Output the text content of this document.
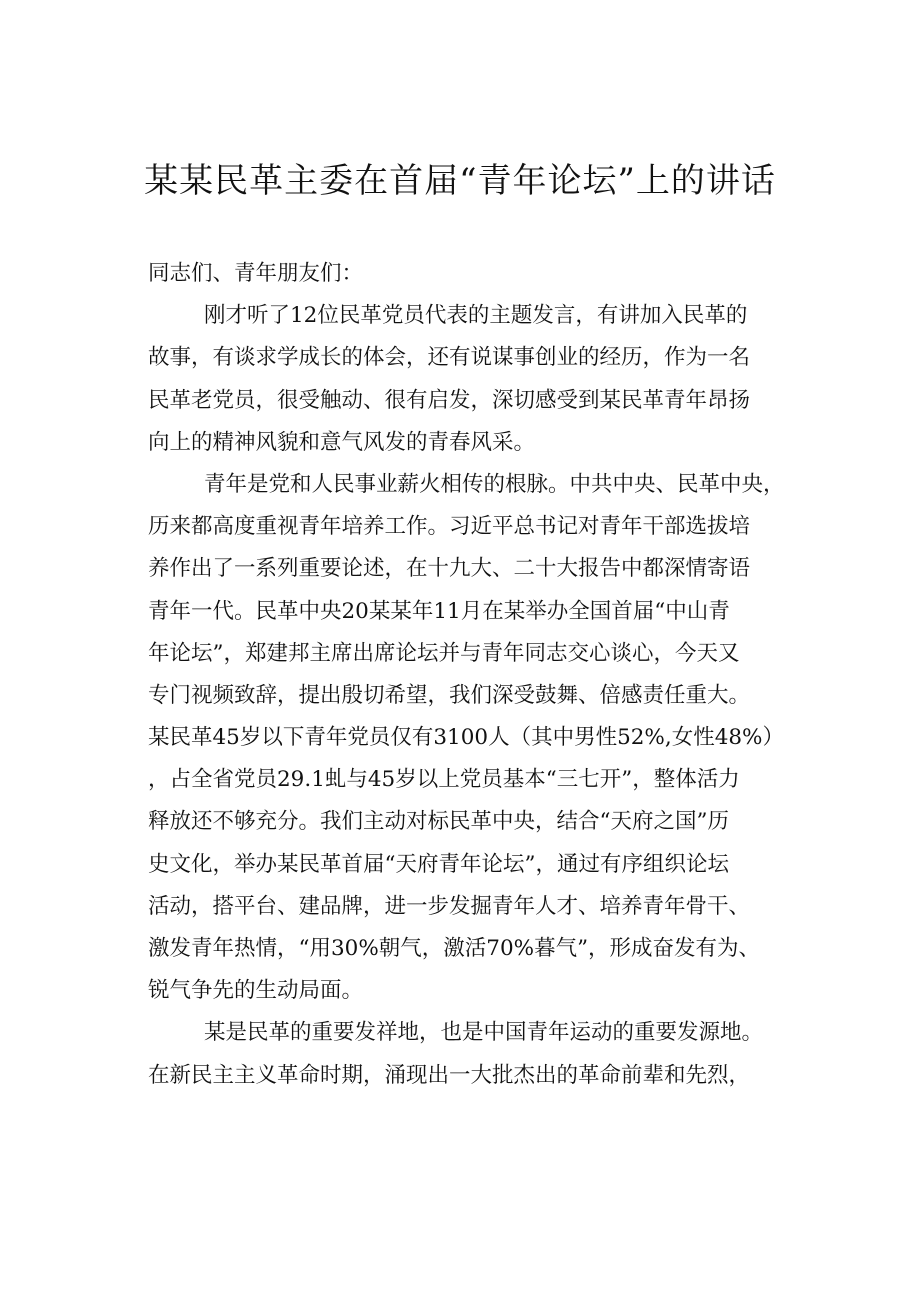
某某民革主委在首届“青年论坛”上的讲话
同志们、青年朋友们：
刚才听了12位民革党员代表的主题发言，有讲加入民革的
故事，有谈求学成长的体会，还有说谋事创业的经历，作为一名
民革老党员，很受触动、很有启发，深切感受到某民革青年昂扬
向上的精神风貌和意气风发的青春风采。
青年是党和人民事业薪火相传的根脉。中共中央、民革中央，
历来都高度重视青年培养工作。习近平总书记对青年干部选拔培
养作出了一系列重要论述，在十九大、二十大报告中都深情寄语
青年一代。民革中央20某某年11月在某举办全国首届“中山青
年论坛”，郑建邦主席出席论坛并与青年同志交心谈心，今天又
专门视频致辞，提出殷切希望，我们深受鼓舞、倍感责任重大。
某民革45岁以下青年党员仅有3100人（其中男性52%,女性48%）
，占全省党员29.1虬与45岁以上党员基本“三七开”，整体活力
释放还不够充分。我们主动对标民革中央，结合“天府之国”历
史文化，举办某民革首届“天府青年论坛”，通过有序组织论坛
活动，搭平台、建品牌，进一步发掘青年人才、培养青年骨干、
激发青年热情，“用30%朝气，激活70%暮气”，形成奋发有为、
锐气争先的生动局面。
某是民革的重要发祥地，也是中国青年运动的重要发源地。
在新民主主义革命时期，涌现出一大批杰出的革命前辈和先烈，
